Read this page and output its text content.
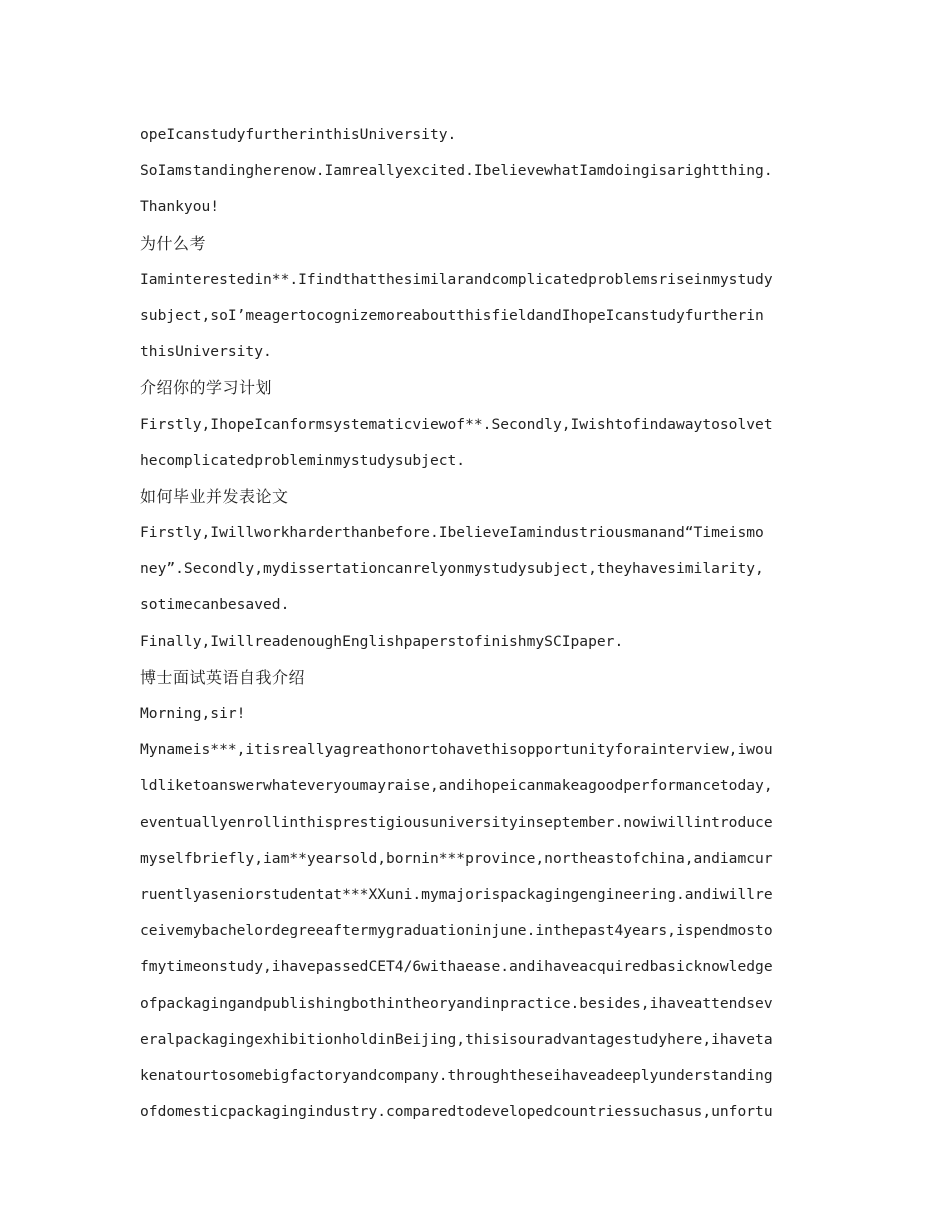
opeIcanstudyfurtherinthisUniversity.
SoIamstandingherenow.Iamreallyexcited.IbelievewhatIamdoingisarightthing.
Thankyou!
为什么考
Iaminterestedin**.Ifindthatthesimilarandcomplicatedproblemsriseinmystudy
subject,soI’meagertocognizemoreaboutthisfieldandIhopeIcanstudyfurtherin
thisUniversity.
介绍你的学习计划
Firstly,IhopeIcanformsystematicviewof**.Secondly,Iwishtofindawaytosolvet
hecomplicatedprobleminmystudysubject.
如何毕业并发表论文
Firstly,Iwillworkharderthanbefore.IbelieveIamindustriousmanand“Timeismo
ney”.Secondly,mydissertationcanrelyonmystudysubject,theyhavesimilarity,
sotimecanbesaved.
Finally,IwillreadenoughEnglishpaperstofinishmySCIpaper.
博士面试英语自我介绍
Morning,sir!
Mynameis***,itisreallyagreathonortohavethisopportunityforainterview,iwou
ldliketoanswerwhateveryoumayraise,andihopeicanmakeagoodperformancetoday,
eventuallyenrollinthisprestigiousuniversityinseptember.nowiwillintroduce
myselfbriefly,iam**yearsold,bornin***province,northeastofchina,andiamcur
ruentlyaseniorstudentat***XXuni.mymajorispackagingengineering.andiwillre
ceivemybachelordegreeaftermygraduationinjune.inthepast4years,ispendmosto
fmytimeonstudy,ihavepassedCET4/6withaease.andihaveacquiredbasicknowledge
ofpackagingandpublishingbothintheoryandinpractice.besides,ihaveattendsev
eralpackagingexhibitionholdinBeijing,thisisouradvantagestudyhere,ihaveta
kenatourtosomebigfactoryandcompany.throughtheseihaveadeeplyunderstanding
ofdomesticpackagingindustry.comparedtodevelopedcountriessuchasus,unfortu
